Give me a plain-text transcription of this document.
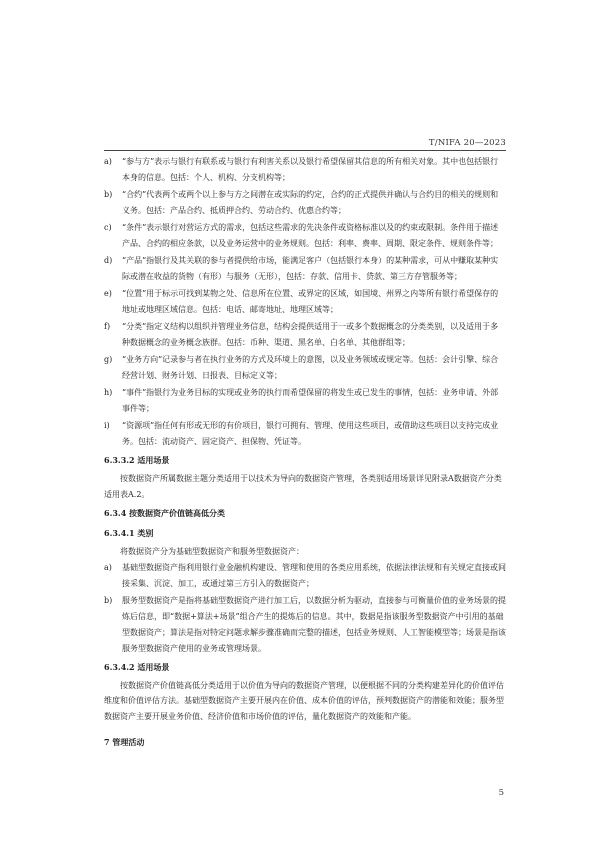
T/NIFA 20—2023
a) “参与方”表示与银行有联系或与银行有利害关系以及银行希望保留其信息的所有相关对象。其中也包括银行本身的信息。包括：个人、机构、分支机构等；
b) “合约”代表两个或两个以上参与方之间潜在或实际的约定，合约的正式提供并确认与合约目的相关的规则和义务。包括：产品合约、抵质押合约、劳动合约、优惠合约等；
c) “条件”表示银行对营运方式的需求，包括这些需求的先决条件或资格标准以及的约束或限制。条件用于描述产品、合约的相应条款，以及业务运营中的业务规则。包括：利率、费率、周期、限定条件、规则条件等；
d) “产品”指银行及其关联的参与者提供给市场，能满足客户（包括银行本身）的某种需求，可从中赚取某种实际或潜在收益的货物（有形）与服务（无形），包括：存款、信用卡、贷款、第三方存管服务等；
e) “位置”用于标示可找到某物之处、信息所在位置、或界定的区域，如国境、州界之内等所有银行希望保存的地址或地理区域信息。包括：电话、邮寄地址、地理区域等；
f) “分类”指定义结构以组织并管理业务信息，结构会提供适用于一或多个数据概念的分类类别，以及适用于多种数据概念的业务概念族群。包括：币种、渠道、黑名单、白名单、其他群组等；
g) “业务方向”记录参与者在执行业务的方式及环境上的意图，以及业务领域或规定等。包括：会计引擎、综合经营计划、财务计划、日报表、目标定义等；
h) “事件”指银行为业务目标的实现或业务的执行而希望保留的将发生或已发生的事情，包括：业务申请、外部事件等；
i) “资源项”指任何有形或无形的有价项目，银行可拥有、管理、使用这些项目，或借助这些项目以支持完成业务。包括：流动资产、固定资产、担保物、凭证等。
6.3.3.2 适用场景
按数据资产所属数据主题分类适用于以技术为导向的数据资产管理，各类别适用场景详见附录A数据资产分类适用表A.2。
6.3.4 按数据资产价值链高低分类
6.3.4.1 类别
将数据资产分为基础型数据资产和服务型数据资产：
a) 基础型数据资产指利用银行业金融机构建设、管理和使用的各类应用系统，依据法律法规和有关规定直接或间接采集、沉淀、加工，或通过第三方引入的数据资产；
b) 服务型数据资产是指将基础型数据资产进行加工后，以数据分析为驱动，直接参与可衡量价值的业务场景的提炼后信息，即“数据+算法+场景”组合产生的提炼后的信息。其中，数据是指该服务型数据资产中引用的基础型数据资产；算法是指对特定问题求解步骤准确而完整的描述，包括业务规则、人工智能模型等；场景是指该服务型数据资产使用的业务或管理场景。
6.3.4.2 适用场景
按数据资产价值链高低分类适用于以价值为导向的数据资产管理，以便根据不同的分类构建差异化的价值评估维度和价值评估方法。基础型数据资产主要开展内在价值、成本价值的评估，预判数据资产的潜能和效能；服务型数据资产主要开展业务价值、经济价值和市场价值的评估，量化数据资产的效能和产能。
7 管理活动
5
